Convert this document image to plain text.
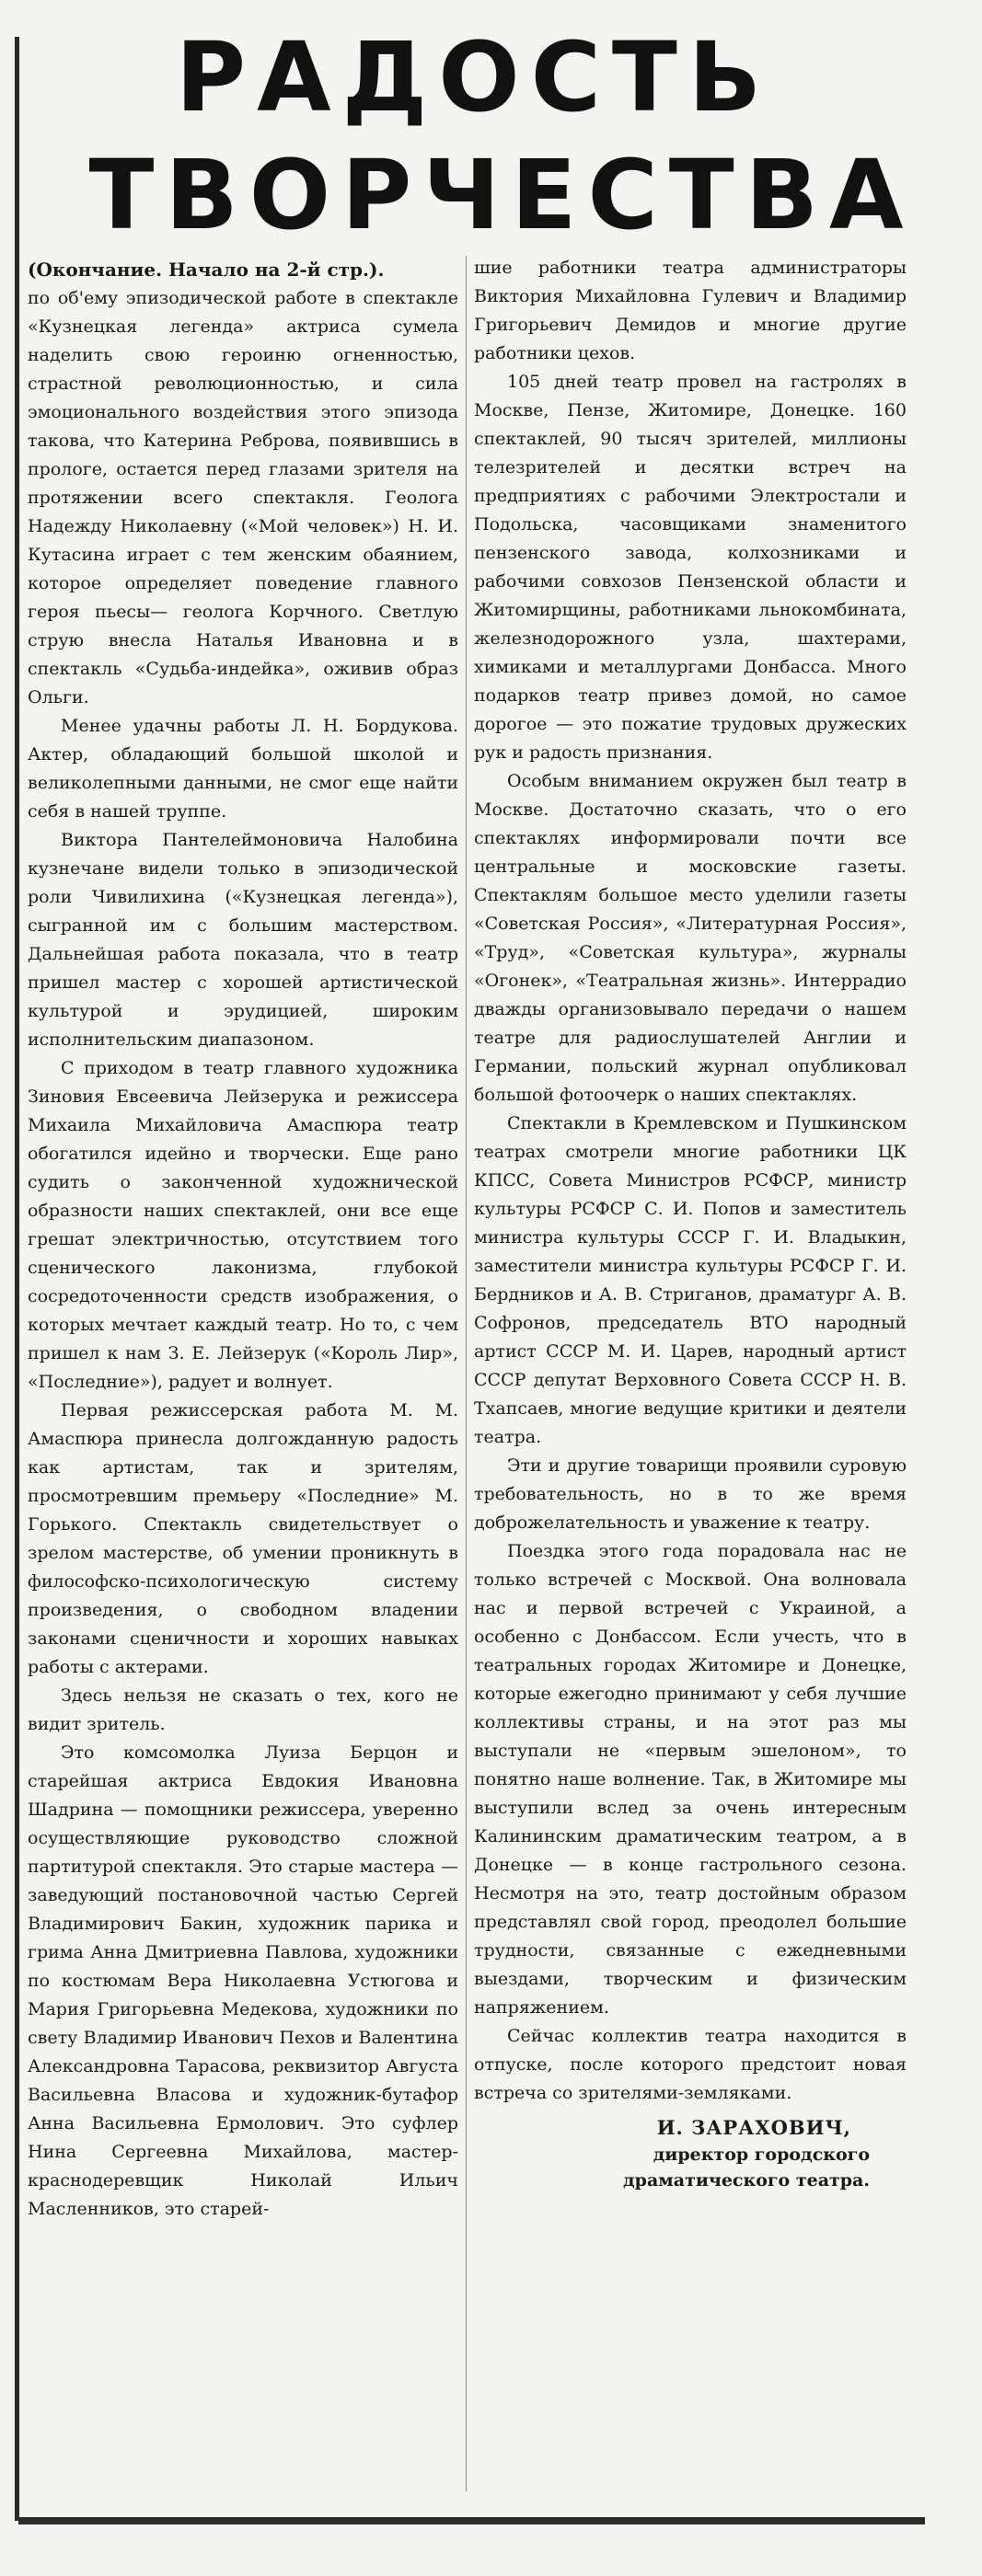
РАДОСТЬ
ТВОРЧЕСТВА

(Окончание. Начало на 2-й стр.).

по об'ему эпизодической работе в спектакле «Кузнецкая легенда» актриса сумела наделить свою героиню огненностью, страстной революционностью, и сила эмоционального воздействия этого эпизода такова, что Катерина Реброва, появившись в прологе, остается перед глазами зрителя на протяжении всего спектакля. Геолога Надежду Николаевну («Мой человек») Н. И. Кутасина играет с тем женским обаянием, которое определяет поведение главного героя пьесы— геолога Корчного. Светлую струю внесла Наталья Ивановна и в спектакль «Судьба-индейка», оживив образ Ольги.

Менее удачны работы Л. Н. Бордукова. Актер, обладающий большой школой и великолепными данными, не смог еще найти себя в нашей труппе.

Виктора Пантелеймоновича Налобина кузнечане видели только в эпизодической роли Чивилихина («Кузнецкая легенда»), сыгранной им с большим мастерством. Дальнейшая работа показала, что в театр пришел мастер с хорошей артистической культурой и эрудицией, широким исполнительским диапазоном.

С приходом в театр главного художника Зиновия Евсеевича Лейзерука и режиссера Михаила Михайловича Амаспюра театр обогатился идейно и творчески. Еще рано судить о законченной художнической образности наших спектаклей, они все еще грешат электричностью, отсутствием того сценического лаконизма, глубокой сосредоточенности средств изображения, о которых мечтает каждый театр. Но то, с чем пришел к нам З. Е. Лейзерук («Король Лир», «Последние»), радует и волнует.

Первая режиссерская работа М. М. Амаспюра принесла долгожданную радость как артистам, так и зрителям, просмотревшим премьеру «Последние» М. Горького. Спектакль свидетельствует о зрелом мастерстве, об умении проникнуть в философско-психологическую систему произведения, о свободном владении законами сценичности и хороших навыках работы с актерами.

Здесь нельзя не сказать о тех, кого не видит зритель.

Это комсомолка Луиза Берцон и старейшая актриса Евдокия Ивановна Шадрина — помощники режиссера, уверенно осуществляющие руководство сложной партитурой спектакля. Это старые мастера — заведующий постановочной частью Сергей Владимирович Бакин, художник парика и грима Анна Дмитриевна Павлова, художники по костюмам Вера Николаевна Устюгова и Мария Григорьевна Медекова, художники по свету Владимир Иванович Пехов и Валентина Александровна Тарасова, реквизитор Августа Васильевна Власова и художник-бутафор Анна Васильевна Ермолович. Это суфлер Нина Сергеевна Михайлова, мастер-краснодеревщик Николай Ильич Масленников, это старей-

шие работники театра администраторы Виктория Михайловна Гулевич и Владимир Григорьевич Демидов и многие другие работники цехов.

105 дней театр провел на гастролях в Москве, Пензе, Житомире, Донецке. 160 спектаклей, 90 тысяч зрителей, миллионы телезрителей и десятки встреч на предприятиях с рабочими Электростали и Подольска, часовщиками знаменитого пензенского завода, колхозниками и рабочими совхозов Пензенской области и Житомирщины, работниками льнокомбината, железнодорожного узла, шахтерами, химиками и металлургами Донбасса. Много подарков театр привез домой, но самое дорогое — это пожатие трудовых дружеских рук и радость признания.

Особым вниманием окружен был театр в Москве. Достаточно сказать, что о его спектаклях информировали почти все центральные и московские газеты. Спектаклям большое место уделили газеты «Советская Россия», «Литературная Россия», «Труд», «Советская культура», журналы «Огонек», «Театральная жизнь». Интеррадио дважды организовывало передачи о нашем театре для радиослушателей Англии и Германии, польский журнал опубликовал большой фотоочерк о наших спектаклях.

Спектакли в Кремлевском и Пушкинском театрах смотрели многие работники ЦК КПСС, Совета Министров РСФСР, министр культуры РСФСР С. И. Попов и заместитель министра культуры СССР Г. И. Владыкин, заместители министра культуры РСФСР Г. И. Бердников и А. В. Стриганов, драматург А. В. Софронов, председатель ВТО народный артист СССР М. И. Царев, народный артист СССР депутат Верховного Совета СССР Н. В. Тхапсаев, многие ведущие критики и деятели театра.

Эти и другие товарищи проявили суровую требовательность, но в то же время доброжелательность и уважение к театру.

Поездка этого года порадовала нас не только встречей с Москвой. Она волновала нас и первой встречей с Украиной, а особенно с Донбассом. Если учесть, что в театральных городах Житомире и Донецке, которые ежегодно принимают у себя лучшие коллективы страны, и на этот раз мы выступали не «первым эшелоном», то понятно наше волнение. Так, в Житомире мы выступили вслед за очень интересным Калининским драматическим театром, а в Донецке — в конце гастрольного сезона. Несмотря на это, театр достойным образом представлял свой город, преодолел большие трудности, связанные с ежедневными выездами, творческим и физическим напряжением.

Сейчас коллектив театра находится в отпуске, после которого предстоит новая встреча со зрителями-земляками.

И. ЗАРАХОВИЧ,
директор городского
драматического театра.
